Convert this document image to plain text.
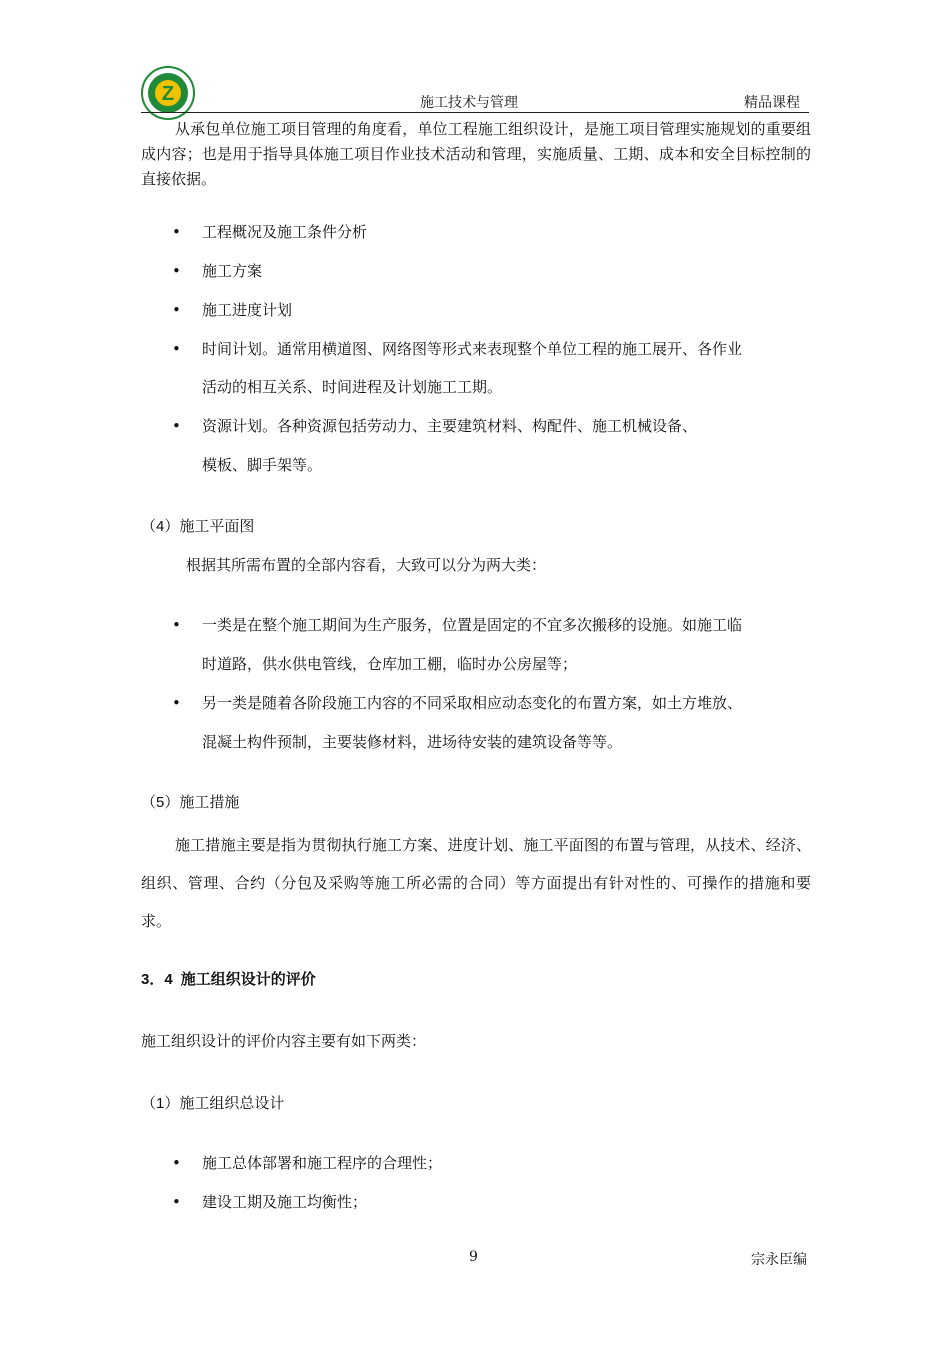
Z	施工技术与管理	精品课程
从承包单位施工项目管理的角度看，单位工程施工组织设计，是施工项目管理实施规划的重要组成内容；也是用于指导具体施工项目作业技术活动和管理，实施质量、工期、成本和安全目标控制的直接依据。
• 工程概况及施工条件分析
• 施工方案
• 施工进度计划
• 时间计划。通常用横道图、网络图等形式来表现整个单位工程的施工展开、各作业
活动的相互关系、时间进程及计划施工工期。
• 资源计划。各种资源包括劳动力、主要建筑材料、构配件、施工机械设备、
模板、脚手架等。
（4）施工平面图
根据其所需布置的全部内容看，大致可以分为两大类：
• 一类是在整个施工期间为生产服务，位置是固定的不宜多次搬移的设施。如施工临
时道路，供水供电管线，仓库加工棚，临时办公房屋等；
• 另一类是随着各阶段施工内容的不同采取相应动态变化的布置方案，如土方堆放、
混凝土构件预制，主要装修材料，进场待安装的建筑设备等等。
（5）施工措施
施工措施主要是指为贯彻执行施工方案、进度计划、施工平面图的布置与管理，从技术、经济、组织、管理、合约（分包及采购等施工所必需的合同）等方面提出有针对性的、可操作的措施和要求。
3．4 施工组织设计的评价
施工组织设计的评价内容主要有如下两类：
（1）施工组织总设计
• 施工总体部署和施工程序的合理性；
• 建设工期及施工均衡性；
9	宗永臣编
